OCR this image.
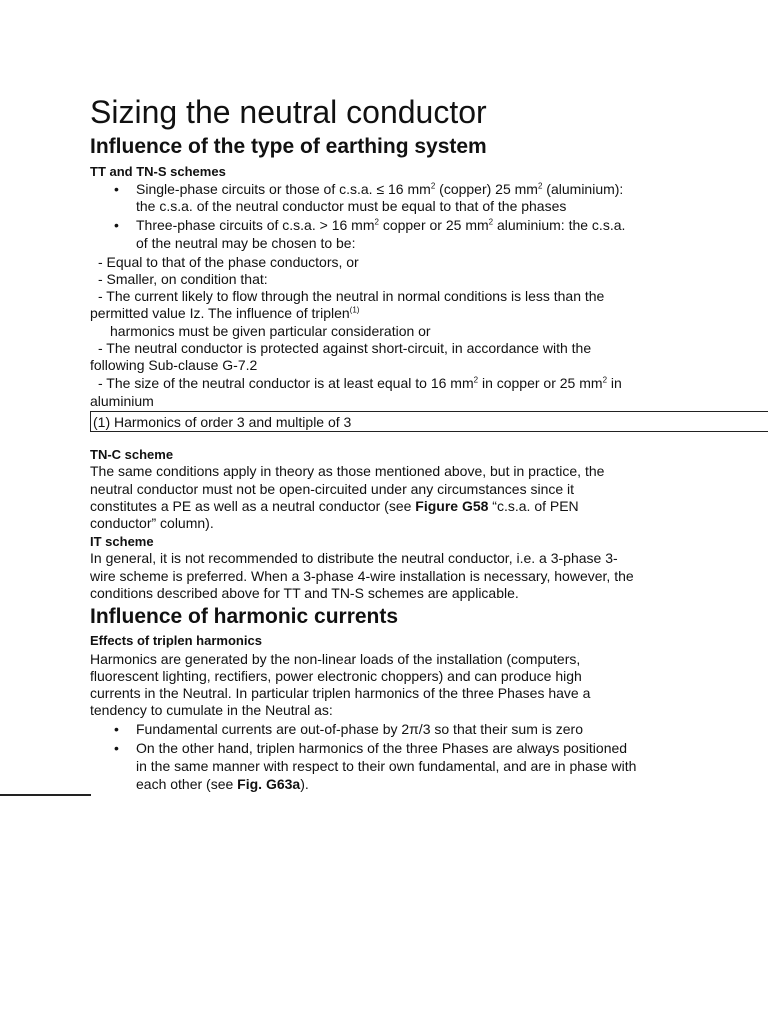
Sizing the neutral conductor
Influence of the type of earthing system
TT and TN-S schemes
• Single-phase circuits or those of c.s.a. ≤ 16 $mm^2$ (copper) 25 $mm^2$ (aluminium):
the c.s.a. of the neutral conductor must be equal to that of the phases
• Three-phase circuits of c.s.a. > 16 $mm^2$ copper or 25 $mm^2$ aluminium: the c.s.a.
of the neutral may be chosen to be:
- Equal to that of the phase conductors, or
- Smaller, on condition that:
- The current likely to flow through the neutral in normal conditions is less than the
permitted value Iz. The influence of triplen$^{(1)}$
harmonics must be given particular consideration or
- The neutral conductor is protected against short-circuit, in accordance with the
following Sub-clause G-7.2
- The size of the neutral conductor is at least equal to 16 $mm^2$ in copper or 25 $mm^2$ in
aluminium
(1) Harmonics of order 3 and multiple of 3
TN-C scheme
The same conditions apply in theory as those mentioned above, but in practice, the
neutral conductor must not be open-circuited under any circumstances since it
constitutes a PE as well as a neutral conductor (see Figure G58 “c.s.a. of PEN
conductor” column).
IT scheme
In general, it is not recommended to distribute the neutral conductor, i.e. a 3-phase 3-
wire scheme is preferred. When a 3-phase 4-wire installation is necessary, however, the
conditions described above for TT and TN-S schemes are applicable.
Influence of harmonic currents
Effects of triplen harmonics
Harmonics are generated by the non-linear loads of the installation (computers,
fluorescent lighting, rectifiers, power electronic choppers) and can produce high
currents in the Neutral. In particular triplen harmonics of the three Phases have a
tendency to cumulate in the Neutral as:
• Fundamental currents are out-of-phase by 2π/3 so that their sum is zero
• On the other hand, triplen harmonics of the three Phases are always positioned
in the same manner with respect to their own fundamental, and are in phase with
each other (see Fig. G63a).
